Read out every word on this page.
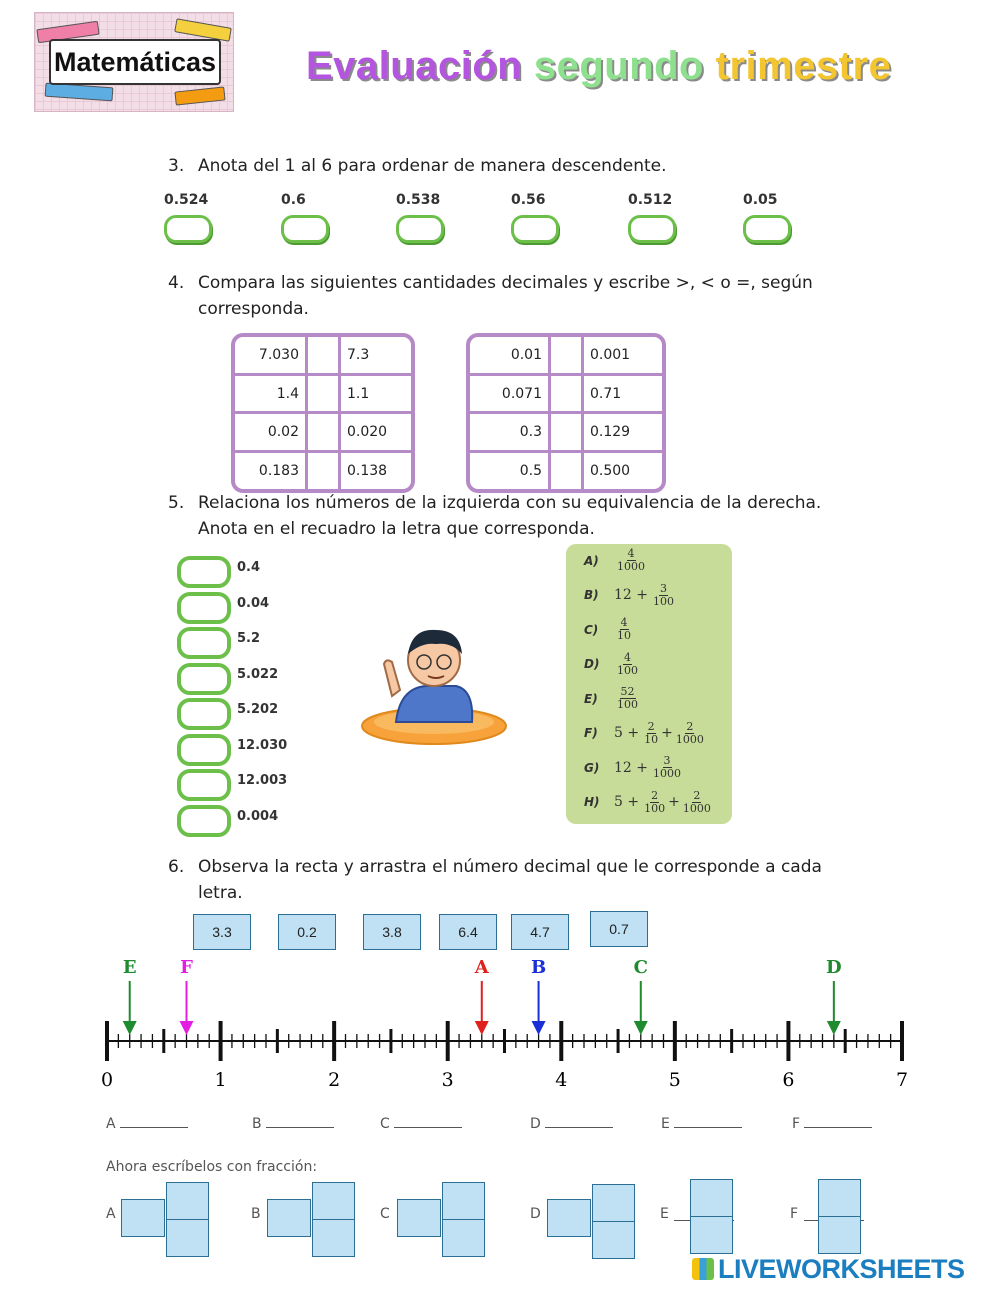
Matemáticas Evaluación segundo trimestre
3. Anota del 1 al 6 para ordenar de manera descendente.
0.524	0.6	0.538	0.56	0.512	0.05
4. Compara las siguientes cantidades decimales y escribe >, < o =, según corresponda.
7.030		7.3
1.4		1.1
0.02		0.020
0.183		0.138
0.01		0.001
0.071		0.71
0.3		0.129
0.5		0.500
5. Relaciona los números de la izquierda con su equivalencia de la derecha. Anota en el recuadro la letra que corresponda.
0.4
0.04
5.2
5.022
5.202
12.030
12.003
0.004
A)	$\frac{4}{1000}$
B)	$12 + \frac{3}{100}$
C)	$\frac{4}{10}$
D)	$\frac{4}{100}$
E)	$\frac{52}{100}$
F)	$5 + \frac{2}{10} + \frac{2}{1000}$
G)	$12 + \frac{3}{1000}$
H)	$5 + \frac{2}{100} + \frac{2}{1000}$
6. Observa la recta y arrastra el número decimal que le corresponde a cada letra.
3.3	0.2	3.8	6.4	4.7	0.7
0	1	2	3	4	5	6	7
E F	A B	C	D
A	B	C	D	E	F
Ahora escríbelos con fracción:
A	B	C	D	E	F
LIVEWORKSHEETS
